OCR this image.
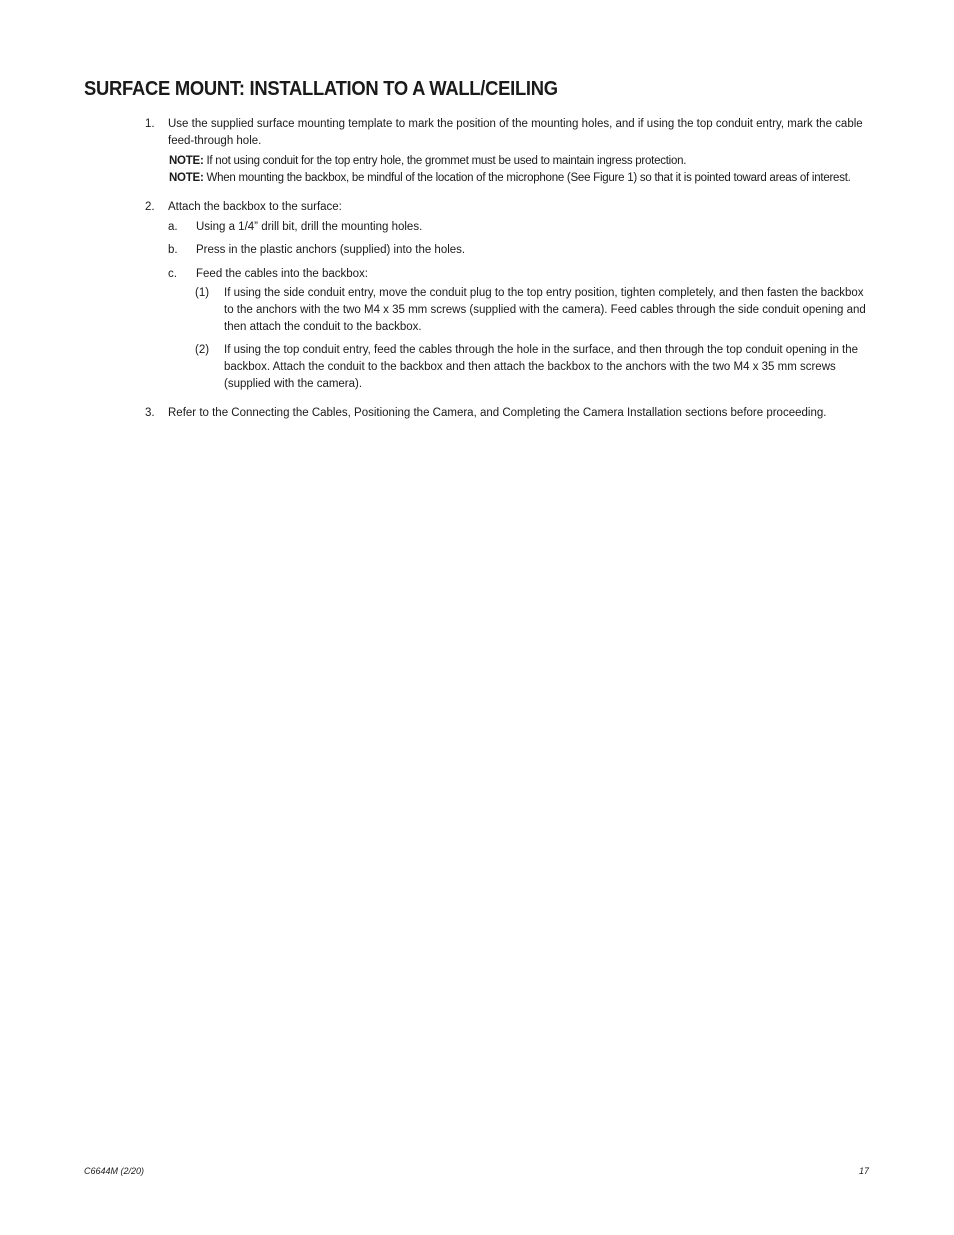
SURFACE MOUNT: INSTALLATION TO A WALL/CEILING
1. Use the supplied surface mounting template to mark the position of the mounting holes, and if using the top conduit entry, mark the cable feed-through hole.
NOTE: If not using conduit for the top entry hole, the grommet must be used to maintain ingress protection.
NOTE: When mounting the backbox, be mindful of the location of the microphone (See Figure 1) so that it is pointed toward areas of interest.
2. Attach the backbox to the surface:
a. Using a 1/4” drill bit, drill the mounting holes.
b. Press in the plastic anchors (supplied) into the holes.
c. Feed the cables into the backbox:
(1) If using the side conduit entry, move the conduit plug to the top entry position, tighten completely, and then fasten the backbox to the anchors with the two M4 x 35 mm screws (supplied with the camera). Feed cables through the side conduit opening and then attach the conduit to the backbox.
(2) If using the top conduit entry, feed the cables through the hole in the surface, and then through the top conduit opening in the backbox. Attach the conduit to the backbox and then attach the backbox to the anchors with the two M4 x 35 mm screws (supplied with the camera).
3. Refer to the Connecting the Cables, Positioning the Camera, and Completing the Camera Installation sections before proceeding.
C6644M (2/20)	17
